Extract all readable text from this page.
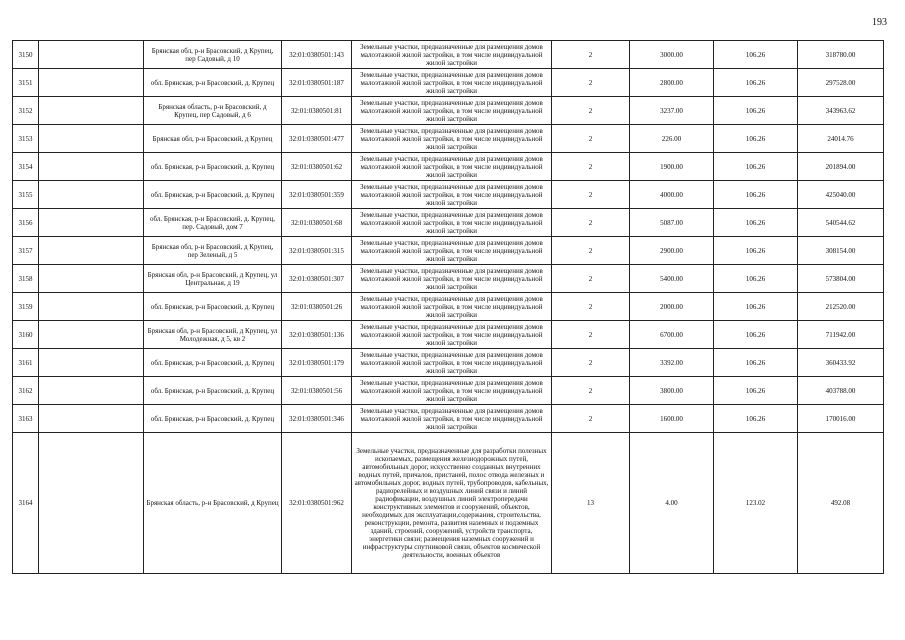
193
3150		Брянская обл, р-н Брасовский, д Крупец, пер Садовый, д 10	32:01:0380501:143	Земельные участки, предназначенные для размещения домов малоэтажной жилой застройки, в том числе индивидуальной жилой застройки	2	3000.00	106.26	318780.00
3151		обл. Брянская, р-н Брасовский, д. Крупец	32:01:0380501:187	Земельные участки, предназначенные для размещения домов малоэтажной жилой застройки, в том числе индивидуальной жилой застройки	2	2800.00	106.26	297528.00
3152		Брянская область, р-н Брасовский, д Крупец, пер Садовый, д 6	32:01:0380501:81	Земельные участки, предназначенные для размещения домов малоэтажной жилой застройки, в том числе индивидуальной жилой застройки	2	3237.00	106.26	343963.62
3153		Брянская обл, р-н Брасовский, д Крупец	32:01:0380501:477	Земельные участки, предназначенные для размещения домов малоэтажной жилой застройки, в том числе индивидуальной жилой застройки	2	226.00	106.26	24014.76
3154		обл. Брянская, р-н Брасовский, д. Крупец	32:01:0380501:62	Земельные участки, предназначенные для размещения домов малоэтажной жилой застройки, в том числе индивидуальной жилой застройки	2	1900.00	106.26	201894.00
3155		обл. Брянская, р-н Брасовский, д. Крупец	32:01:0380501:359	Земельные участки, предназначенные для размещения домов малоэтажной жилой застройки, в том числе индивидуальной жилой застройки	2	4000.00	106.26	425040.00
3156		обл. Брянская, р-н Брасовский, д. Крупец, пер. Садовый, дом 7	32:01:0380501:68	Земельные участки, предназначенные для размещения домов малоэтажной жилой застройки, в том числе индивидуальной жилой застройки	2	5087.00	106.26	540544.62
3157		Брянская обл, р-н Брасовский, д Крупец, пер Зеленый, д 5	32:01:0380501:315	Земельные участки, предназначенные для размещения домов малоэтажной жилой застройки, в том числе индивидуальной жилой застройки	2	2900.00	106.26	308154.00
3158		Брянская обл, р-н Брасовский, д Крупец, ул Центральная, д 19	32:01:0380501:307	Земельные участки, предназначенные для размещения домов малоэтажной жилой застройки, в том числе индивидуальной жилой застройки	2	5400.00	106.26	573804.00
3159		обл. Брянская, р-н Брасовский, д. Крупец	32:01:0380501:26	Земельные участки, предназначенные для размещения домов малоэтажной жилой застройки, в том числе индивидуальной жилой застройки	2	2000.00	106.26	212520.00
3160		Брянская обл, р-н Брасовский, д Крупец, ул Молодежная, д 5, кв 2	32:01:0380501:136	Земельные участки, предназначенные для размещения домов малоэтажной жилой застройки, в том числе индивидуальной жилой застройки	2	6700.00	106.26	711942.00
3161		обл. Брянская, р-н Брасовский, д. Крупец	32:01:0380501:179	Земельные участки, предназначенные для размещения домов малоэтажной жилой застройки, в том числе индивидуальной жилой застройки	2	3392.00	106.26	360433.92
3162		обл. Брянская, р-н Брасовский, д. Крупец	32:01:0380501:56	Земельные участки, предназначенные для размещения домов малоэтажной жилой застройки, в том числе индивидуальной жилой застройки	2	3800.00	106.26	403788.00
3163		обл. Брянская, р-н Брасовский, д. Крупец	32:01:0380501:346	Земельные участки, предназначенные для размещения домов малоэтажной жилой застройки, в том числе индивидуальной жилой застройки	2	1600.00	106.26	170016.00
3164		Брянская область, р-н Брасовский, д Крупец	32:01:0380501:962	Земельные участки, предназначенные для разработки полезных ископаемых, размещения железнодорожных путей, автомобильных дорог, искусственно созданных внутренних водных путей, причалов, пристаней, полос отвода железных и автомобильных дорог, водных путей, трубопроводов, кабельных, радиорелейных и воздушных линий связи и линий радиофикации, воздушных линий электропередачи конструктивных элементов и сооружений, объектов, необходимых для эксплуатации,содержания, строительства, реконструкции, ремонта, развития наземных и подземных зданий, строений, сооружений, устройств транспорта, энергетики связи; размещения наземных сооружений и инфраструктуры спутниковой связи, объектов космической деятельности, военных объектов	13	4.00	123.02	492.08
